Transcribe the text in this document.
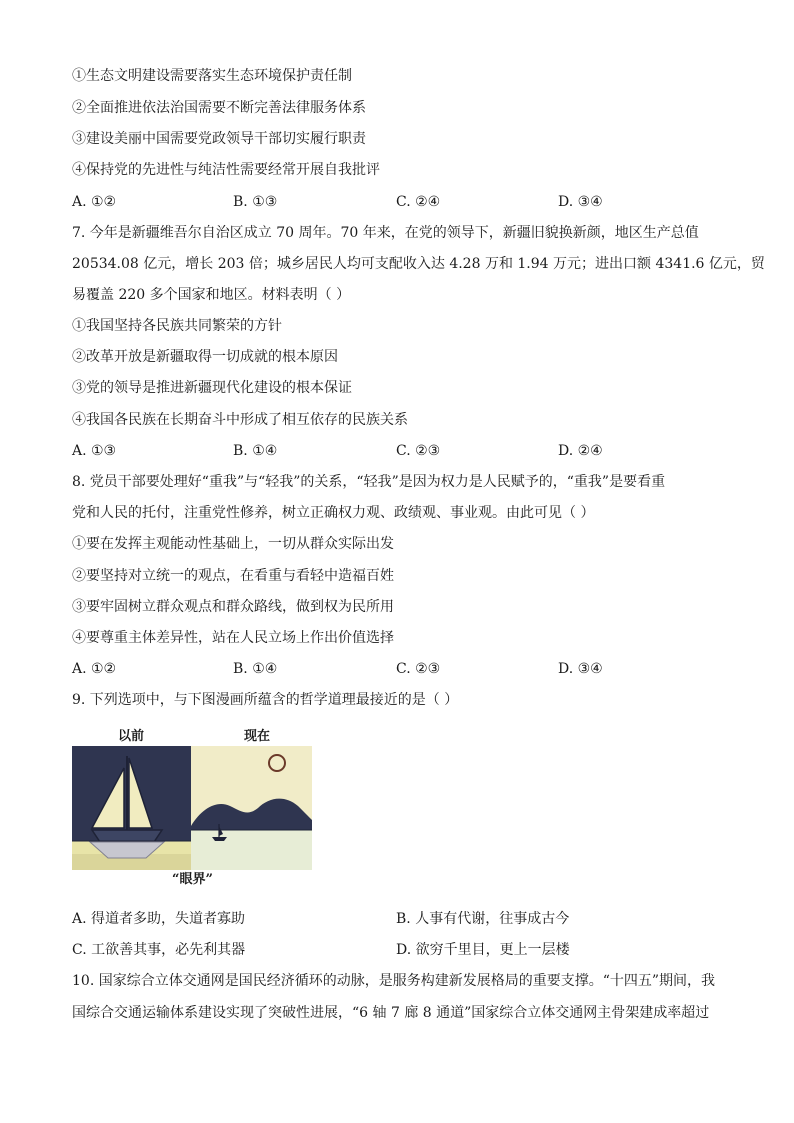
①生态文明建设需要落实生态环境保护责任制
②全面推进依法治国需要不断完善法律服务体系
③建设美丽中国需要党政领导干部切实履行职责
④保持党的先进性与纯洁性需要经常开展自我批评
A. ①②	B. ①③	C. ②④	D. ③④
7. 今年是新疆维吾尔自治区成立 70 周年。70 年来，在党的领导下，新疆旧貌换新颜，地区生产总值
20534.08 亿元，增长 203 倍；城乡居民人均可支配收入达 4.28 万和 1.94 万元；进出口额 4341.6 亿元，贸
易覆盖 220 多个国家和地区。材料表明（ ）
①我国坚持各民族共同繁荣的方针
②改革开放是新疆取得一切成就的根本原因
③党的领导是推进新疆现代化建设的根本保证
④我国各民族在长期奋斗中形成了相互依存的民族关系
A. ①③	B. ①④	C. ②③	D. ②④
8. 党员干部要处理好“重我”与“轻我”的关系，“轻我”是因为权力是人民赋予的，“重我”是要看重
党和人民的托付，注重党性修养，树立正确权力观、政绩观、事业观。由此可见（ ）
①要在发挥主观能动性基础上，一切从群众实际出发
②要坚持对立统一的观点，在看重与看轻中造福百姓
③要牢固树立群众观点和群众路线，做到权为民所用
④要尊重主体差异性，站在人民立场上作出价值选择
A. ①②	B. ①④	C. ②③	D. ③④
9. 下列选项中，与下图漫画所蕴含的哲学道理最接近的是（ ）
以前	现在
“眼界”
A. 得道者多助，失道者寡助	B. 人事有代谢，往事成古今
C. 工欲善其事，必先利其器	D. 欲穷千里目，更上一层楼
10. 国家综合立体交通网是国民经济循环的动脉，是服务构建新发展格局的重要支撑。“十四五”期间，我
国综合交通运输体系建设实现了突破性进展，“6 轴 7 廊 8 通道”国家综合立体交通网主骨架建成率超过
